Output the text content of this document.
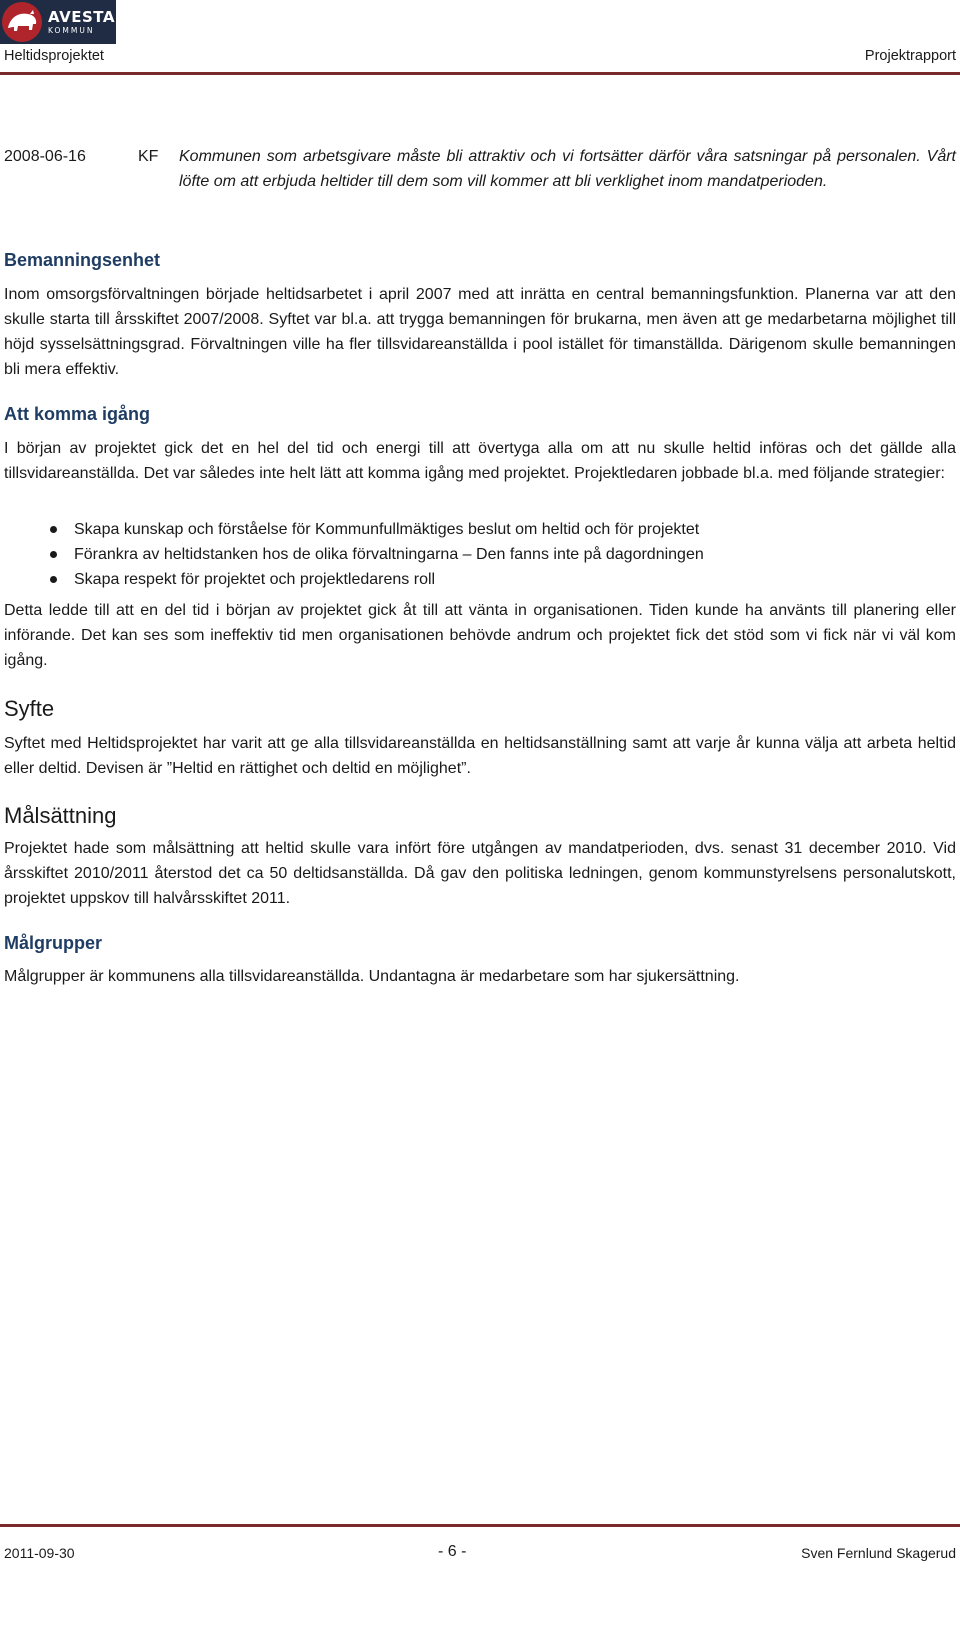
AVESTA
KOMMUN
Heltidsprojektet	Projektrapport
2008-06-16	KF Kommunen som arbetsgivare måste bli attraktiv och vi fortsätter därför våra satsningar på personalen. Vårt löfte om att erbjuda heltider till dem som vill kommer att bli verklighet inom mandatperioden.
Bemanningsenhet
Inom omsorgsförvaltningen började heltidsarbetet i april 2007 med att inrätta en central bemanningsfunktion. Planerna var att den skulle starta till årsskiftet 2007/2008. Syftet var bl.a. att trygga bemanningen för brukarna, men även att ge medarbetarna möjlighet till höjd sysselsättningsgrad. Förvaltningen ville ha fler tillsvidareanställda i pool istället för timanställda. Därigenom skulle bemanningen bli mera effektiv.
Att komma igång
I början av projektet gick det en hel del tid och energi till att övertyga alla om att nu skulle heltid införas och det gällde alla tillsvidareanställda. Det var således inte helt lätt att komma igång med projektet. Projektledaren jobbade bl.a. med följande strategier:
Skapa kunskap och förståelse för Kommunfullmäktiges beslut om heltid och för projektet
Förankra av heltidstanken hos de olika förvaltningarna – Den fanns inte på dagordningen
Skapa respekt för projektet och projektledarens roll
Detta ledde till att en del tid i början av projektet gick åt till att vänta in organisationen. Tiden kunde ha använts till planering eller införande. Det kan ses som ineffektiv tid men organisationen behövde andrum och projektet fick det stöd som vi fick när vi väl kom igång.
Syfte
Syftet med Heltidsprojektet har varit att ge alla tillsvidareanställda en heltidsanställning samt att varje år kunna välja att arbeta heltid eller deltid. Devisen är ”Heltid en rättighet och deltid en möjlighet”.
Målsättning
Projektet hade som målsättning att heltid skulle vara infört före utgången av mandatperioden, dvs. senast 31 december 2010. Vid årsskiftet 2010/2011 återstod det ca 50 deltidsanställda. Då gav den politiska ledningen, genom kommunstyrelsens personalutskott, projektet uppskov till halvårsskiftet 2011.
Målgrupper
Målgrupper är kommunens alla tillsvidareanställda. Undantagna är medarbetare som har sjukersättning.
2011-09-30	- 6 -	Sven Fernlund Skagerud
